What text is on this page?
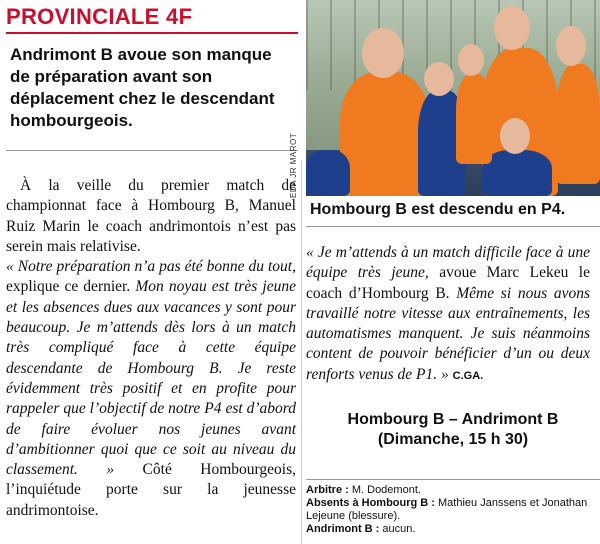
PROVINCIALE 4F
Andrimont B avoue son manque de préparation avant son déplacement chez le descendant hombourgeois.
EDA JR MAROT
Hombourg B est descendu en P4.

À la veille du premier match de championnat face à Hombourg B, Manuel Ruiz Marin le coach andrimontois n’est pas serein mais relativise.

« Notre préparation n’a pas été bonne du tout, explique ce dernier. Mon noyau est très jeune et les absences dues aux vacances y sont pour beaucoup. Je m’attends dès lors à un match très compliqué face à cette équipe descendante de Hombourg B. Je reste évidemment très positif et en profite pour rappeler que l’objectif de notre P4 est d’abord de faire évoluer nos jeunes avant d’ambitionner quoi que ce soit au niveau du classement. » Côté Hombourgeois, l’inquiétude porte sur la jeunesse andrimontoise.

« Je m’attends à un match difficile face à une équipe très jeune, avoue Marc Lekeu le coach d’Hombourg B. Même si nous avons travaillé notre vitesse aux entraînements, les automatismes manquent. Je suis néanmoins content de pouvoir bénéficier d’un ou deux renforts venus de P1. » C.GA.

Hombourg B – Andrimont B
(Dimanche, 15 h 30)
Arbitre : M. Dodemont.
Absents à Hombourg B : Mathieu Janssens et Jonathan Lejeune (blessure).
Andrimont B : aucun.
